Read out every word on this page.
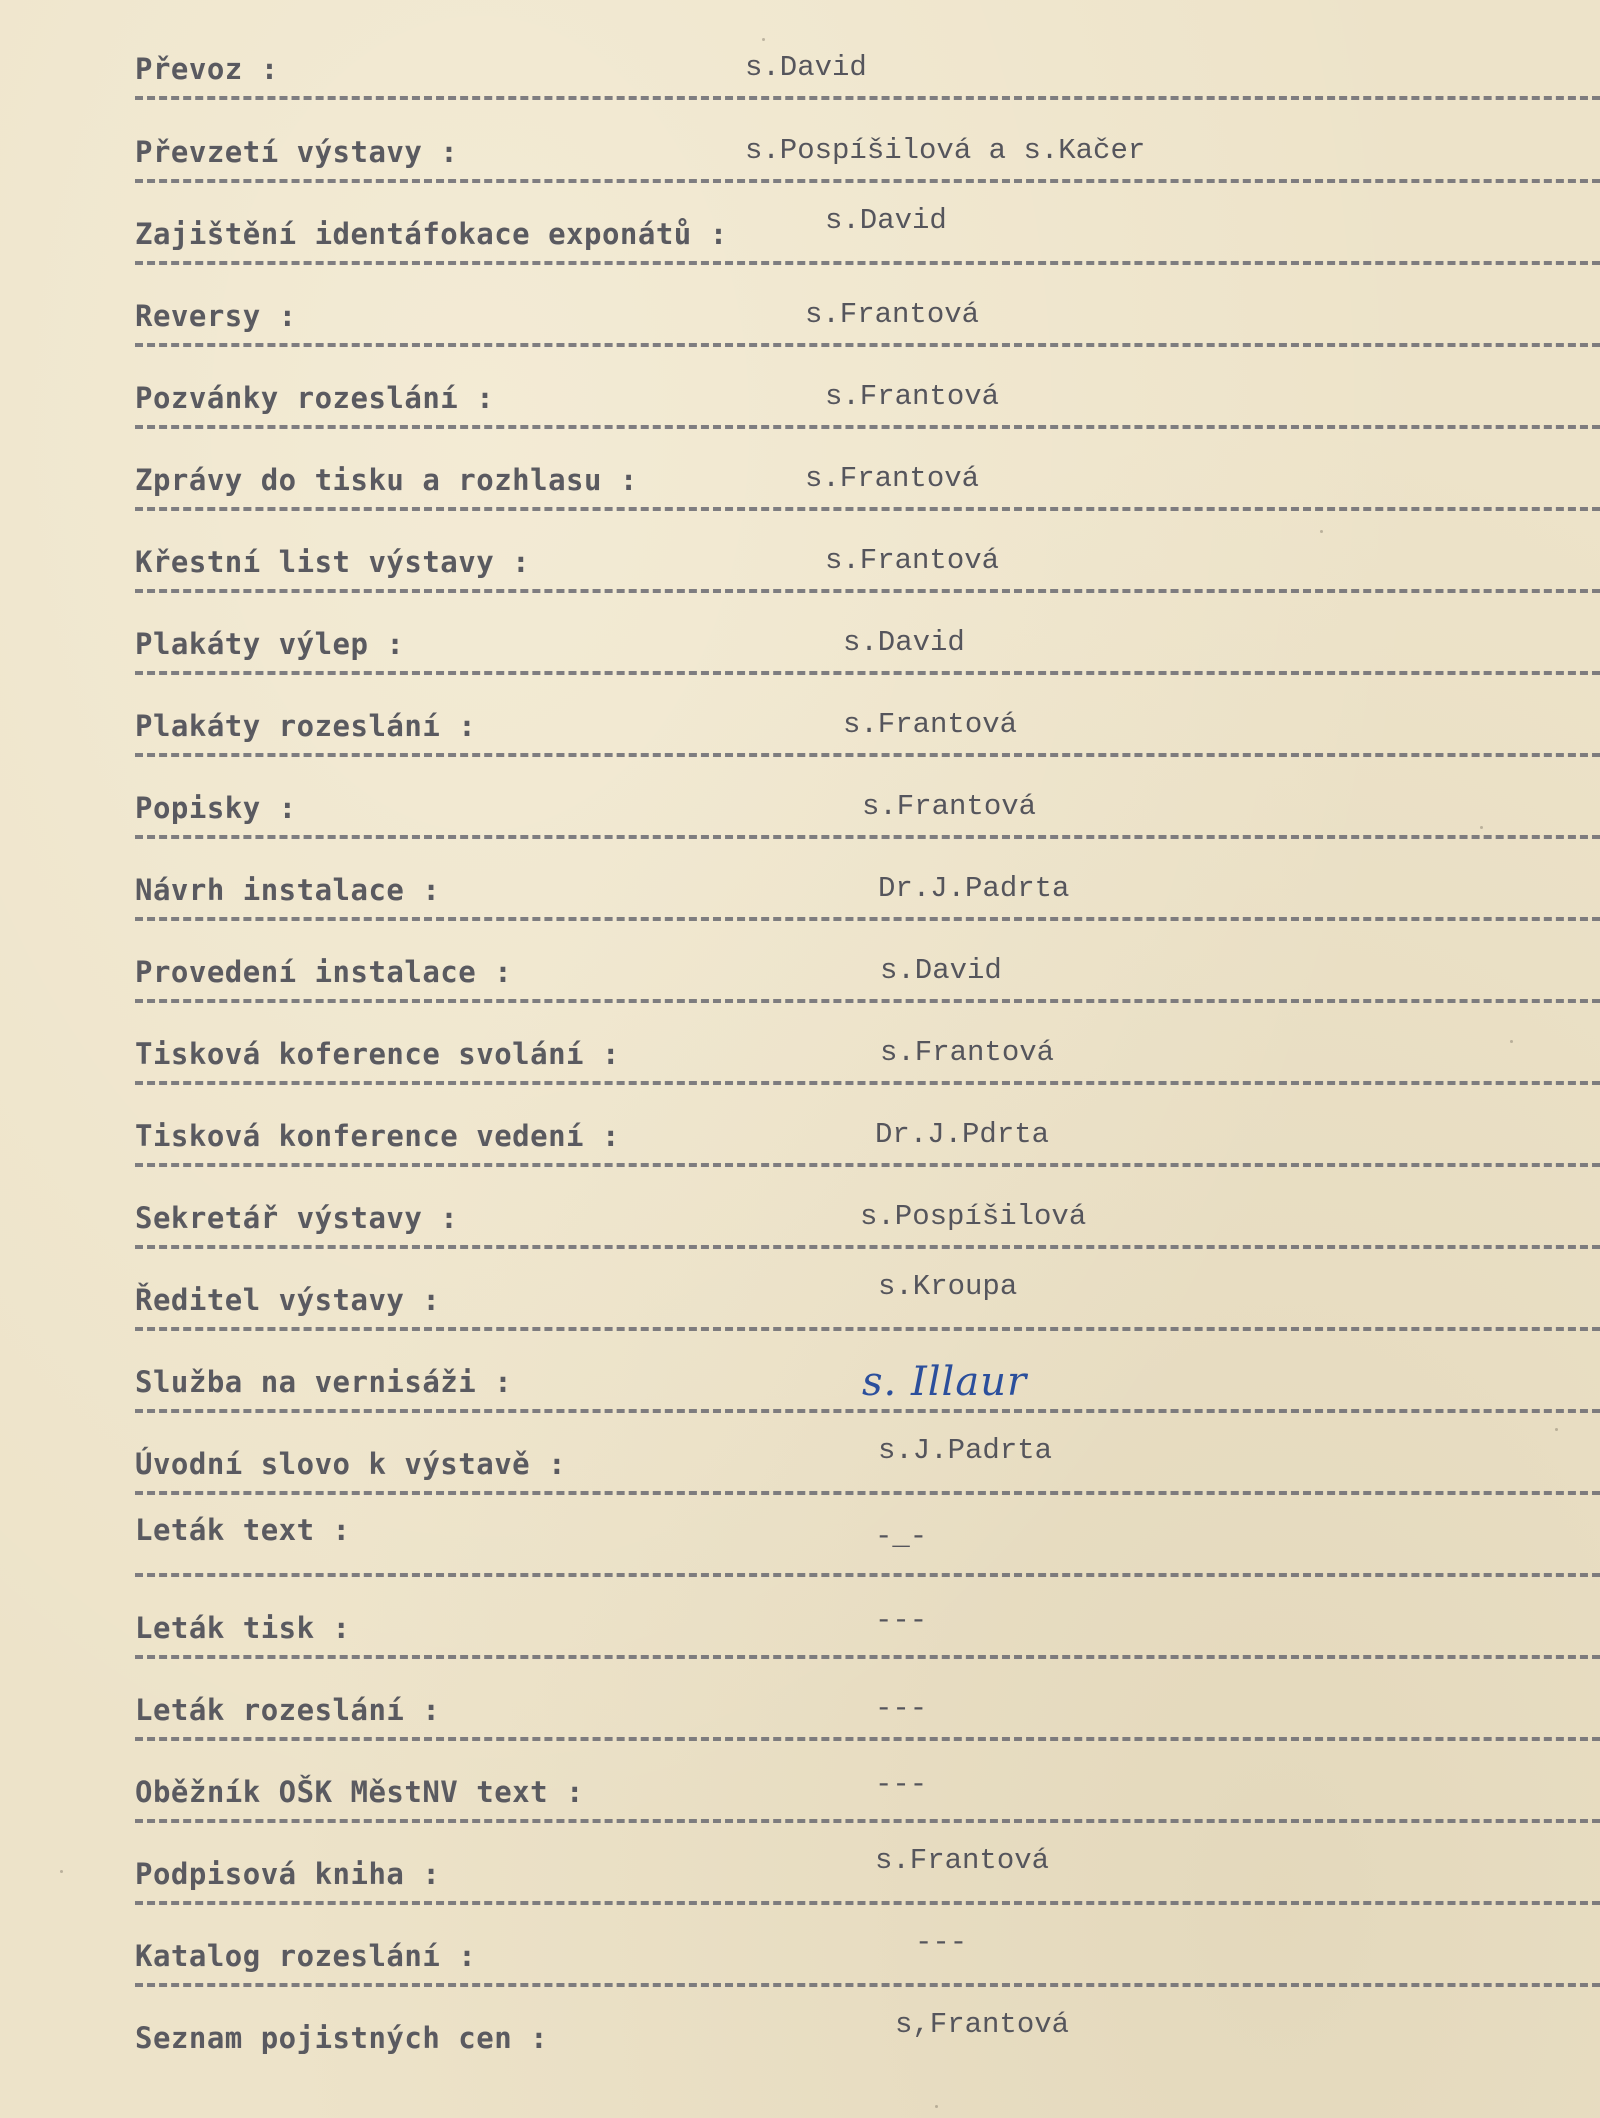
Převoz :	s.David
Převzetí výstavy :	s.Pospíšilová a s.Kačer
Zajištění identáfokace exponátů :	s.David
Reversy :	s.Frantová
Pozvánky rozeslání :	s.Frantová
Zprávy do tisku a rozhlasu :	s.Frantová
Křestní list výstavy :	s.Frantová
Plakáty výlep :	s.David
Plakáty rozeslání :	s.Frantová
Popisky :	s.Frantová
Návrh instalace :	Dr.J.Padrta
Provedení instalace :	s.David
Tisková koference svolání :	s.Frantová
Tisková konference vedení :	Dr.J.Pdrta
Sekretář výstavy :	s.Pospíšilová
Ředitel výstavy :	s.Kroupa
Služba na vernisáži :	s. Illaur
Úvodní slovo k výstavě :	s.J.Padrta
Leták text :	-_-
Leták tisk :	---
Leták rozeslání :	---
Oběžník OŠK MěstNV text :	---
Podpisová kniha :	s.Frantová
Katalog rozeslání :	---
Seznam pojistných cen :	s,Frantová
